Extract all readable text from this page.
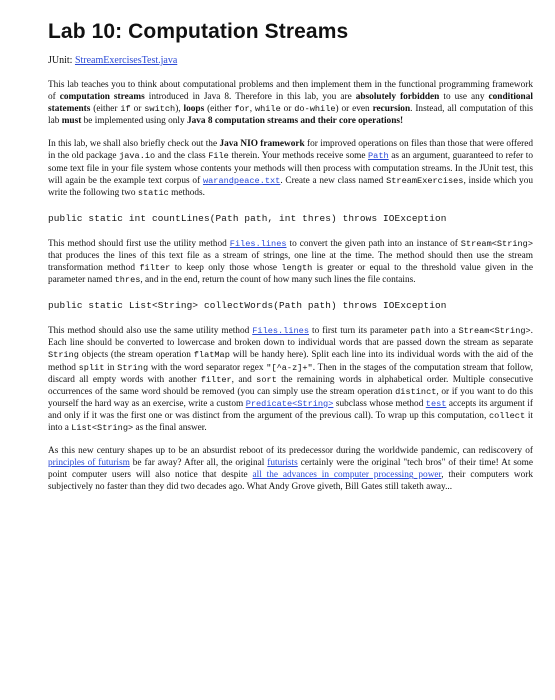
Lab 10: Computation Streams

JUnit: StreamExercisesTest.java

This lab teaches you to think about computational problems and then implement them in the functional programming framework of computation streams introduced in Java 8. Therefore in this lab, you are absolutely forbidden to use any conditional statements (either if or switch), loops (either for, while or do-while) or even recursion. Instead, all computation of this lab must be implemented using only Java 8 computation streams and their core operations!

In this lab, we shall also briefly check out the Java NIO framework for improved operations on files than those that were offered in the old package java.io and the class File therein. Your methods receive some Path as an argument, guaranteed to refer to some text file in your file system whose contents your methods will then process with computation streams. In the JUnit test, this will again be the example text corpus of warandpeace.txt. Create a new class named StreamExercises, inside which you write the following two static methods.

public static int countLines(Path path, int thres) throws IOException

This method should first use the utility method Files.lines to convert the given path into an instance of Stream<String> that produces the lines of this text file as a stream of strings, one line at the time. The method should then use the stream transformation method filter to keep only those whose length is greater or equal to the threshold value given in the parameter named thres, and in the end, return the count of how many such lines the file contains.

public static List<String> collectWords(Path path) throws IOException

This method should also use the same utility method Files.lines to first turn its parameter path into a Stream<String>. Each line should be converted to lowercase and broken down to individual words that are passed down the stream as separate String objects (the stream operation flatMap will be handy here). Split each line into its individual words with the aid of the method split in String with the word separator regex "[^a-z]+". Then in the stages of the computation stream that follow, discard all empty words with another filter, and sort the remaining words in alphabetical order. Multiple consecutive occurrences of the same word should be removed (you can simply use the stream operation distinct, or if you want to do this yourself the hard way as an exercise, write a custom Predicate<String> subclass whose method test accepts its argument if and only if it was the first one or was distinct from the argument of the previous call). To wrap up this computation, collect it into a List<String> as the final answer.

As this new century shapes up to be an absurdist reboot of its predecessor during the worldwide pandemic, can rediscovery of principles of futurism be far away? After all, the original futurists certainly were the original "tech bros" of their time! At some point computer users will also notice that despite all the advances in computer processing power, their computers work subjectively no faster than they did two decades ago. What Andy Grove giveth, Bill Gates still taketh away...
